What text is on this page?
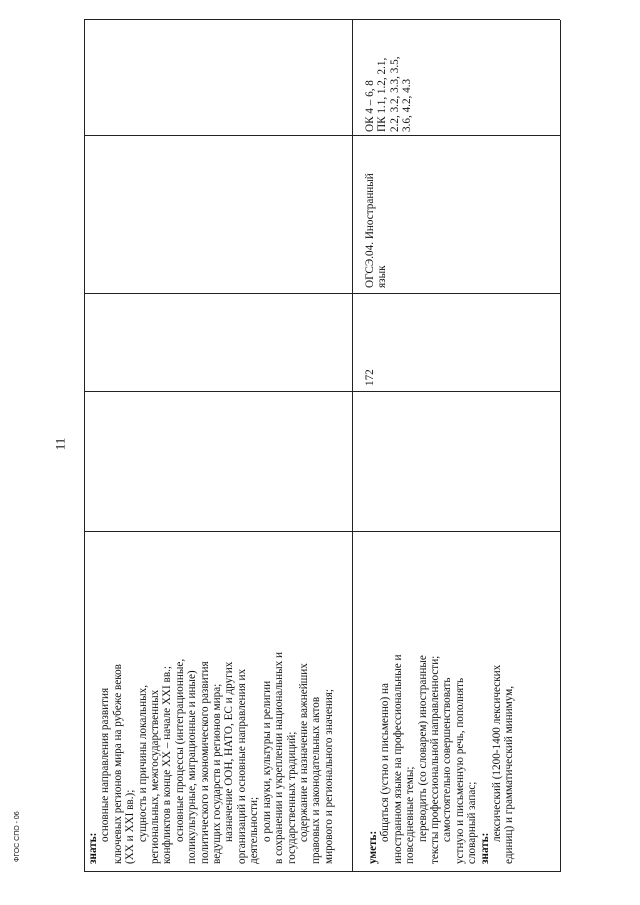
знать:

основные направления развития ключевых регионов мира на рубеже веков (XX и XXI вв.); сущность и причины локальных, региональных, межгосударственных конфликтов в конце XX – начале XXI вв.; основные процессы (интеграционные, поликультурные, миграционные и иные) политического и экономического развития ведущих государств и регионов мира; назначение ООН, НАТО, ЕС и других организаций и основные направления их деятельности; о роли науки, культуры и религии в сохранении и укреплении национальных и государственных традиций; содержание и назначение важнейших правовых и законодательных актов мирового и регионального значения;	уметь:

общаться (устно и письменно) на иностранном языке на профессиональные и повседневные темы; переводить (со словарем) иностранные тексты профессиональной направленности; самостоятельно совершенствовать устную и письменную речь, пополнять словарный запас; знать:

лексический (1200-1400 лексических единиц) и грамматический минимум,

172

ОГСЭ.04. Иностранный язык

ОК 4 – 6, 8 ПК 1.1, 1.2, 2.1, 2.2, 3.2, 3.3, 3.5, 3.6, 4.2, 4.3

11
ФГОС СПО - 06
